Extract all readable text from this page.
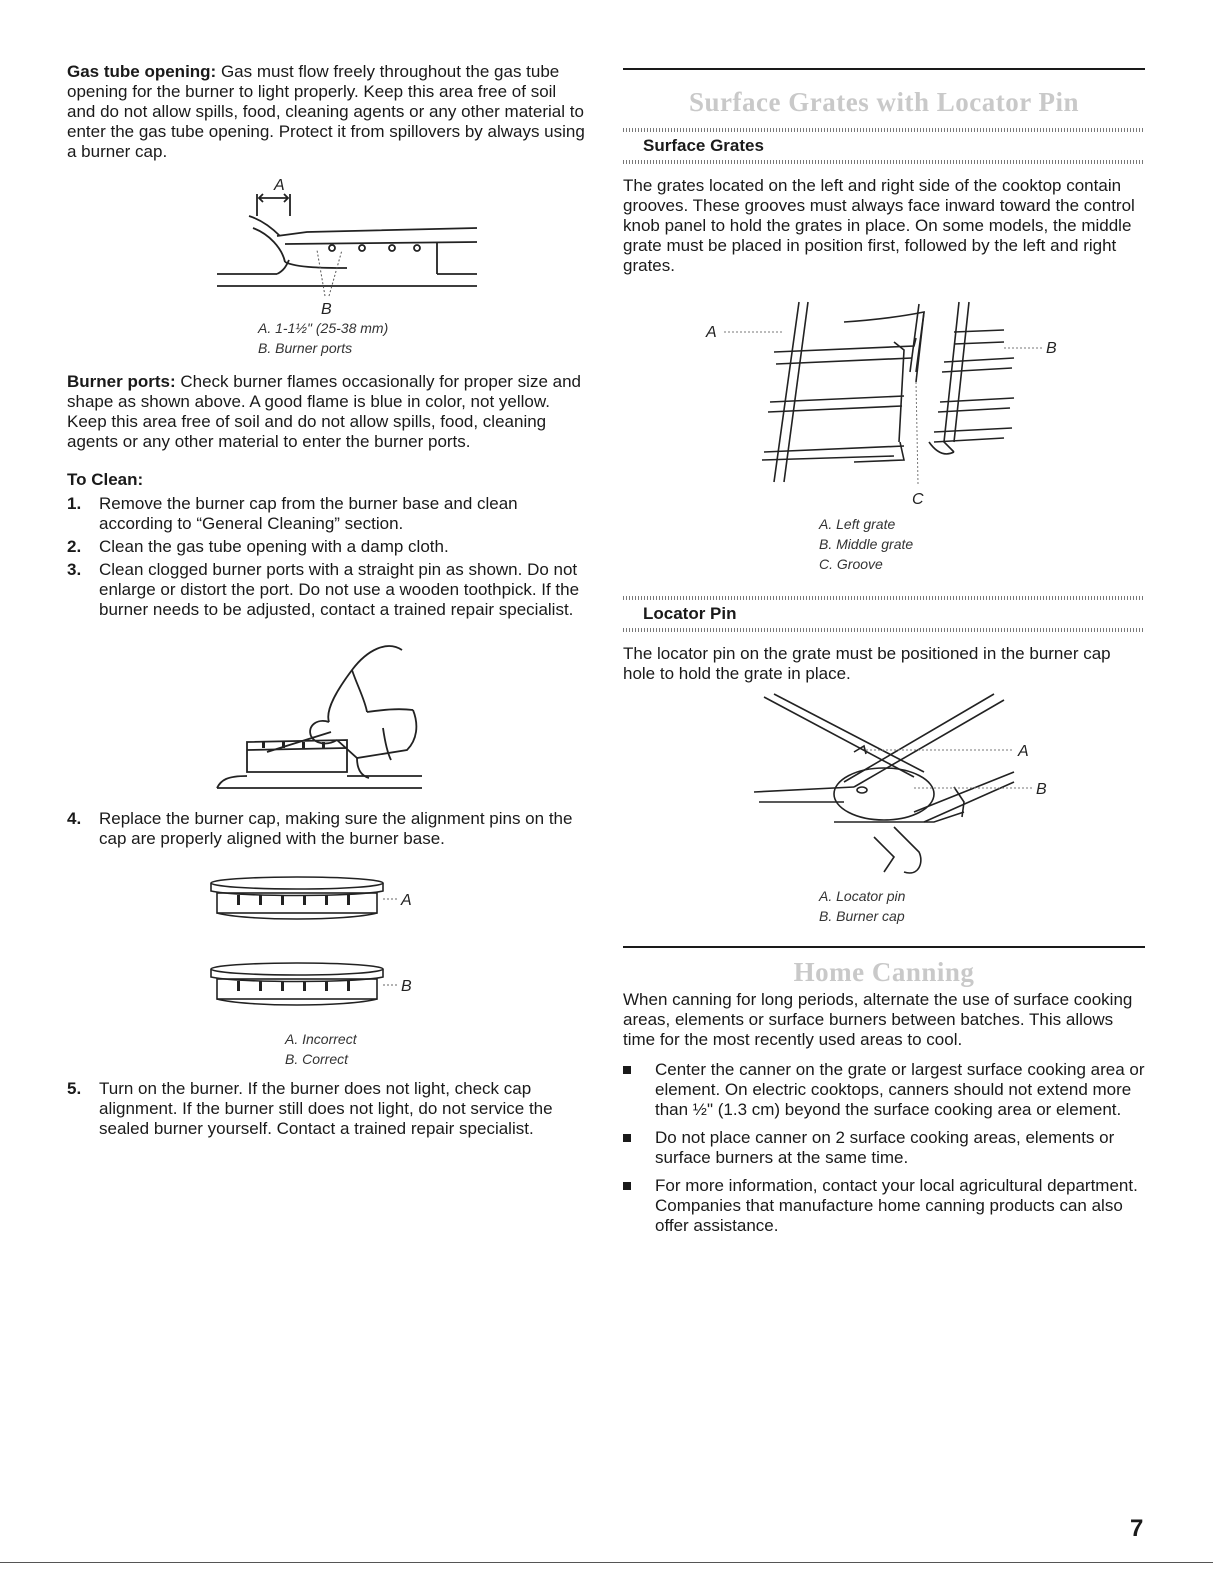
Gas tube opening: Gas must flow freely throughout the gas tube opening for the burner to light properly. Keep this area free of soil and do not allow spills, food, cleaning agents or any other material to enter the gas tube opening. Protect it from spillovers by always using a burner cap.

A
B
A. 1-1½" (25-38 mm)
B. Burner ports

Burner ports: Check burner flames occasionally for proper size and shape as shown above. A good flame is blue in color, not yellow. Keep this area free of soil and do not allow spills, food, cleaning agents or any other material to enter the burner ports.

To Clean:
1. Remove the burner cap from the burner base and clean according to “General Cleaning” section.
2. Clean the gas tube opening with a damp cloth.
3. Clean clogged burner ports with a straight pin as shown. Do not enlarge or distort the port. Do not use a wooden toothpick. If the burner needs to be adjusted, contact a trained repair specialist.
4. Replace the burner cap, making sure the alignment pins on the cap are properly aligned with the burner base.
A
B
A. Incorrect
B. Correct
5. Turn on the burner. If the burner does not light, check cap alignment. If the burner still does not light, do not service the sealed burner yourself. Contact a trained repair specialist.
Surface Grates with Locator Pin
Surface Grates

The grates located on the left and right side of the cooktop contain grooves. These grooves must always face inward toward the control knob panel to hold the grates in place. On some models, the middle grate must be placed in position first, followed by the left and right grates.

A
B
C
A. Left grate
B. Middle grate
C. Groove
Locator Pin

The locator pin on the grate must be positioned in the burner cap hole to hold the grate in place.

A
B
A. Locator pin
B. Burner cap
Home Canning

When canning for long periods, alternate the use of surface cooking areas, elements or surface burners between batches. This allows time for the most recently used areas to cool.

Center the canner on the grate or largest surface cooking area or element. On electric cooktops, canners should not extend more than ½" (1.3 cm) beyond the surface cooking area or element.
Do not place canner on 2 surface cooking areas, elements or surface burners at the same time.
For more information, contact your local agricultural department. Companies that manufacture home canning products can also offer assistance.
7
